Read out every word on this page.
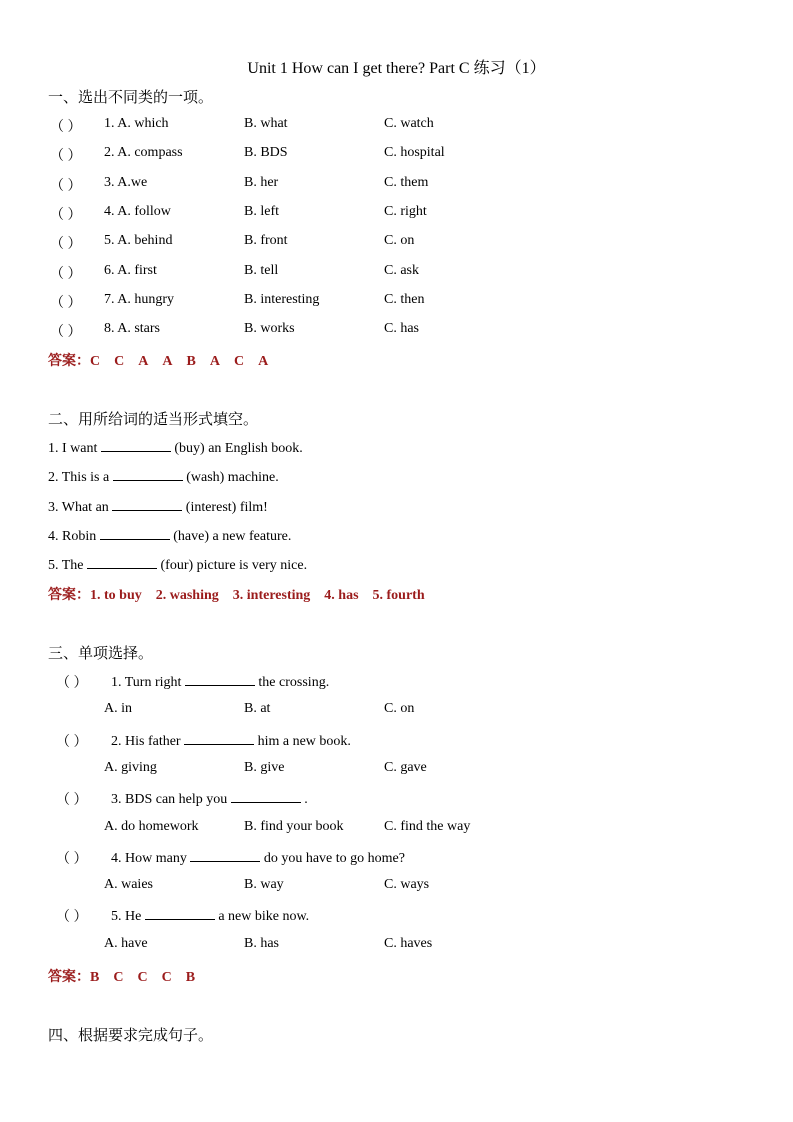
Unit 1 How can I get there? Part C 练习（1）
一、选出不同类的一项。
（ ） 1. A. which	B. what	C. watch
（ ） 2. A. compass	B. BDS	C. hospital
（ ） 3. A.we	B. her	C. them
（ ） 4. A. follow	B. left	C. right
（ ） 5. A. behind	B. front	C. on
（ ） 6. A. first	B. tell	C. ask
（ ） 7. A. hungry	B. interesting	C. then
（ ） 8. A. stars	B. works	C. has
答案：C C A A B A C A
二、用所给词的适当形式填空。
1. I want	(buy) an English book.
2. This is a	(wash) machine.
3. What an	(interest) film!
4. Robin	(have) a new feature.
5. The	(four) picture is very nice.
答案：1. to buy 2. washing 3. interesting 4. has 5. fourth
三、单项选择。
（ ） 1. Turn right	the crossing.
A. in	B. at	C. on
（ ） 2. His father	him a new book.
A. giving	B. give	C. gave
（ ） 3. BDS can help you	.
A. do homework	B. find your book	C. find the way
（ ） 4. How many	do you have to go home?
A. waies	B. way	C. ways
（ ） 5. He	a new bike now.
A. have	B. has	C. haves
答案：B C C C B
四、根据要求完成句子。
